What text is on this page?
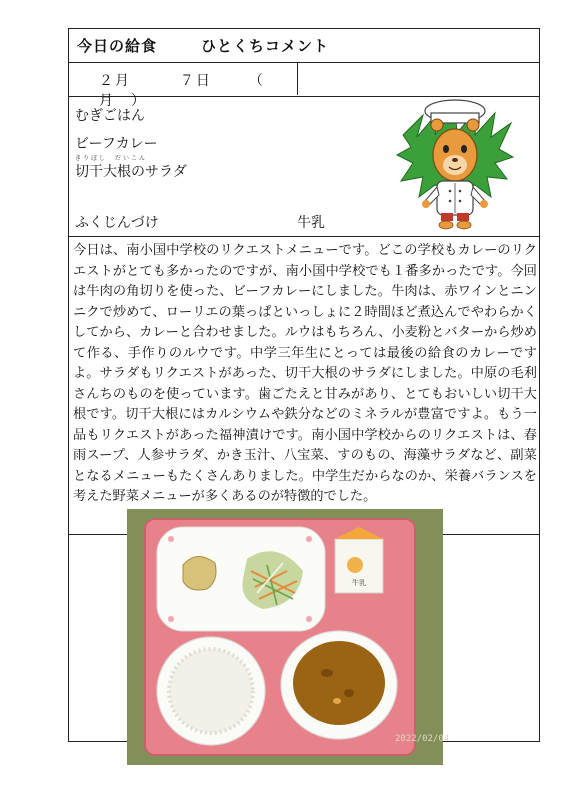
今日の給食	ひとくちコメント
２月	７日	（　月　）
むぎごはん
ビーフカレー
きりぼし　だいこん
切干大根のサラダ
ふくじんづけ	牛乳
今日は、南小国中学校のリクエストメニューです。どこの学校もカレーのリクエストがとても多かったのですが、南小国中学校でも１番多かったです。今回は牛肉の角切りを使った、ビーフカレーにしました。牛肉は、赤ワインとニンニクで炒めて、ローリエの葉っぱといっしょに２時間ほど煮込んでやわらかくしてから、カレーと合わせました。ルウはもちろん、小麦粉とバターから炒めて作る、手作りのルウです。中学三年生にとっては最後の給食のカレーですよ。サラダもリクエストがあった、切干大根のサラダにしました。中原の毛利さんちのものを使っています。歯ごたえと甘みがあり、とてもおいしい切干大根です。切干大根にはカルシウムや鉄分などのミネラルが豊富ですよ。もう一品もリクエストがあった福神漬けです。南小国中学校からのリクエストは、春雨スープ、人参サラダ、かき玉汁、八宝菜、すのもの、海藻サラダなど、副菜となるメニューもたくさんありました。中学生だからなのか、栄養バランスを考えた野菜メニューが多くあるのが特徴的でした。
牛乳
2022/02/04
